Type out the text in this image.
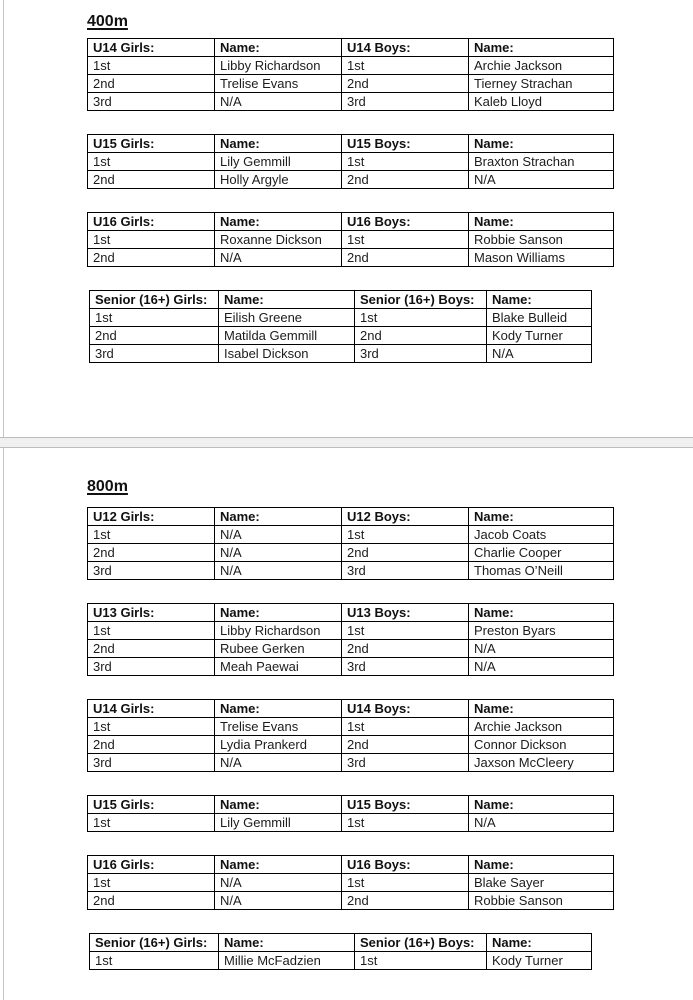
400m
U14 Girls:	Name:	U14 Boys:	Name:
1st	Libby Richardson	1st	Archie Jackson
2nd	Trelise Evans	2nd	Tierney Strachan
3rd	N/A	3rd	Kaleb Lloyd
U15 Girls:	Name:	U15 Boys:	Name:
1st	Lily Gemmill	1st	Braxton Strachan
2nd	Holly Argyle	2nd	N/A
U16 Girls:	Name:	U16 Boys:	Name:
1st	Roxanne Dickson	1st	Robbie Sanson
2nd	N/A	2nd	Mason Williams
Senior (16+) Girls:	Name:	Senior (16+) Boys:	Name:
1st	Eilish Greene	1st	Blake Bulleid
2nd	Matilda Gemmill	2nd	Kody Turner
3rd	Isabel Dickson	3rd	N/A
800m
U12 Girls:	Name:	U12 Boys:	Name:
1st	N/A	1st	Jacob Coats
2nd	N/A	2nd	Charlie Cooper
3rd	N/A	3rd	Thomas O’Neill
U13 Girls:	Name:	U13 Boys:	Name:
1st	Libby Richardson	1st	Preston Byars
2nd	Rubee Gerken	2nd	N/A
3rd	Meah Paewai	3rd	N/A
U14 Girls:	Name:	U14 Boys:	Name:
1st	Trelise Evans	1st	Archie Jackson
2nd	Lydia Prankerd	2nd	Connor Dickson
3rd	N/A	3rd	Jaxson McCleery
U15 Girls:	Name:	U15 Boys:	Name:
1st	Lily Gemmill	1st	N/A
U16 Girls:	Name:	U16 Boys:	Name:
1st	N/A	1st	Blake Sayer
2nd	N/A	2nd	Robbie Sanson
Senior (16+) Girls:	Name:	Senior (16+) Boys:	Name:
1st	Millie McFadzien	1st	Kody Turner
